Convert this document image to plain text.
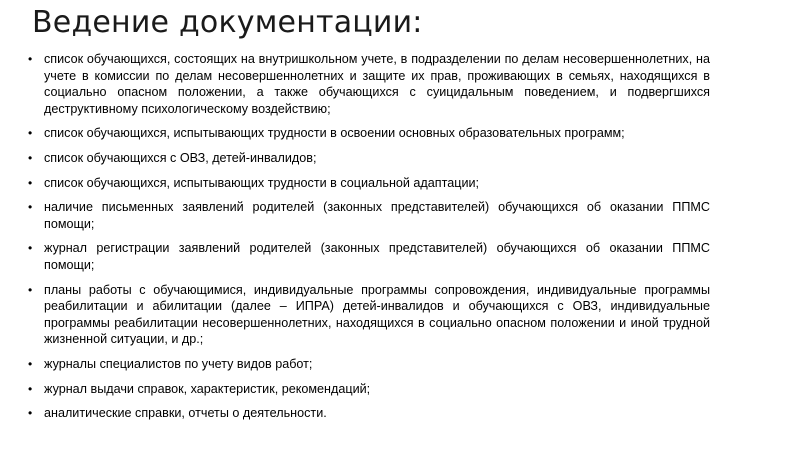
Ведение документации:
• список обучающихся, состоящих на внутришкольном учете, в подразделении по делам несовершеннолетних, на учете в комиссии по делам несовершеннолетних и защите их прав, проживающих в семьях, находящихся в социально опасном положении, а также обучающихся с суицидальным поведением, и подвергшихся деструктивному психологическому воздействию;
• список обучающихся, испытывающих трудности в освоении основных образовательных программ;
• список обучающихся с ОВЗ, детей-инвалидов;
• список обучающихся, испытывающих трудности в социальной адаптации;
• наличие письменных заявлений родителей (законных представителей) обучающихся об оказании ППМС помощи;
• журнал регистрации заявлений родителей (законных представителей) обучающихся об оказании ППМС помощи;
• планы работы с обучающимися, индивидуальные программы сопровождения, индивидуальные программы реабилитации и абилитации (далее – ИПРА) детей-инвалидов и обучающихся с ОВЗ, индивидуальные программы реабилитации несовершеннолетних, находящихся в социально опасном положении и иной трудной жизненной ситуации, и др.;
• журналы специалистов по учету видов работ;
• журнал выдачи справок, характеристик, рекомендаций;
• аналитические справки, отчеты о деятельности.
